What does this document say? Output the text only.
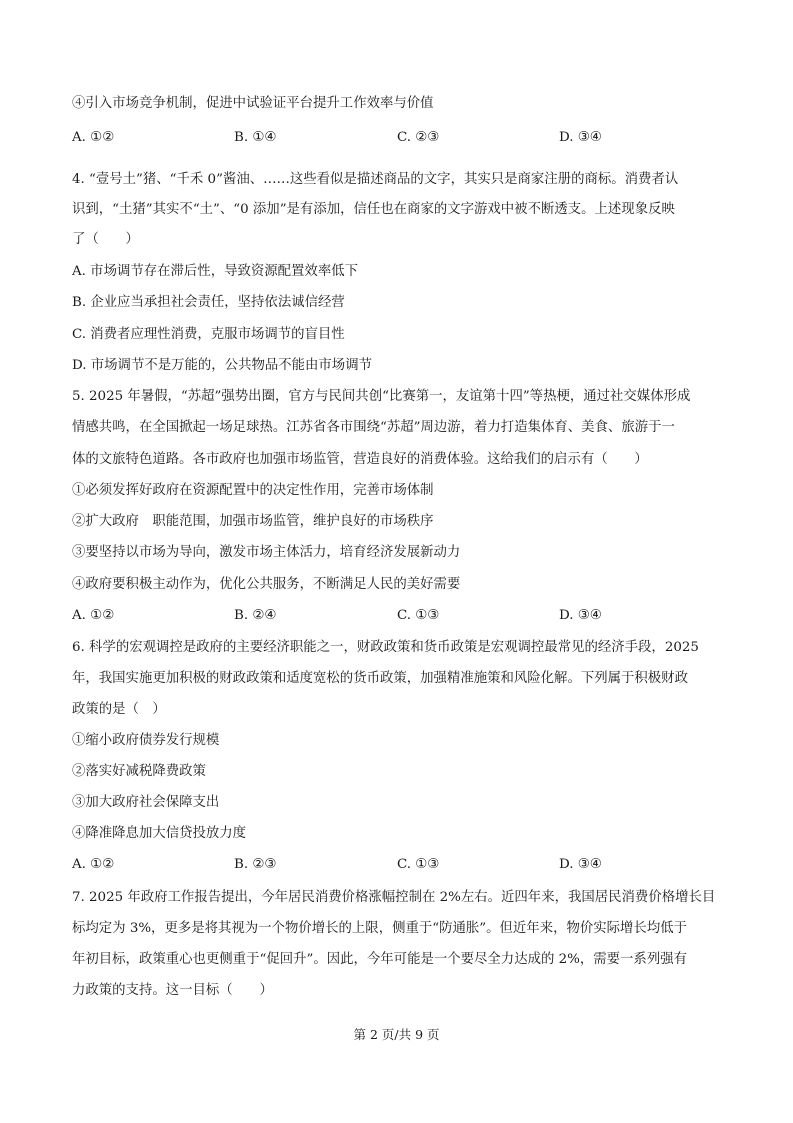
④引入市场竞争机制，促进中试验证平台提升工作效率与价值
A. ①②	B. ①④	C. ②③	D. ③④
4. “壹号土”猪、“千禾 0”酱油、……这些看似是描述商品的文字，其实只是商家注册的商标。消费者认
识到，“土猪”其实不“土”、“0 添加”是有添加，信任也在商家的文字游戏中被不断透支。上述现象反映
了（　　）
A. 市场调节存在滞后性，导致资源配置效率低下
B. 企业应当承担社会责任，坚持依法诚信经营
C. 消费者应理性消费，克服市场调节的盲目性
D. 市场调节不是万能的，公共物品不能由市场调节
5. 2025 年暑假，“苏超”强势出圈，官方与民间共创“比赛第一，友谊第十四”等热梗，通过社交媒体形成
情感共鸣，在全国掀起一场足球热。江苏省各市围绕“苏超”周边游，着力打造集体育、美食、旅游于一
体的文旅特色道路。各市政府也加强市场监管，营造良好的消费体验。这给我们的启示有（　　）
①必须发挥好政府在资源配置中的决定性作用，完善市场体制
②扩大政府　职能范围，加强市场监管，维护良好的市场秩序
③要坚持以市场为导向，激发市场主体活力，培育经济发展新动力
④政府要积极主动作为，优化公共服务，不断满足人民的美好需要
A. ①②	B. ②④	C. ①③	D. ③④
6. 科学的宏观调控是政府的主要经济职能之一，财政政策和货币政策是宏观调控最常见的经济手段，2025
年，我国实施更加积极的财政政策和适度宽松的货币政策，加强精准施策和风险化解。下列属于积极财政
政策的是（　）
①缩小政府债券发行规模
②落实好减税降费政策
③加大政府社会保障支出
④降准降息加大信贷投放力度
A. ①②	B. ②③	C. ①③	D. ③④
7. 2025 年政府工作报告提出，今年居民消费价格涨幅控制在 2%左右。近四年来，我国居民消费价格增长目
标均定为 3%，更多是将其视为一个物价增长的上限，侧重于“防通胀”。但近年来，物价实际增长均低于
年初目标，政策重心也更侧重于“促回升”。因此，今年可能是一个要尽全力达成的 2%，需要一系列强有
力政策的支持。这一目标（　　）
第 2 页/共 9 页
